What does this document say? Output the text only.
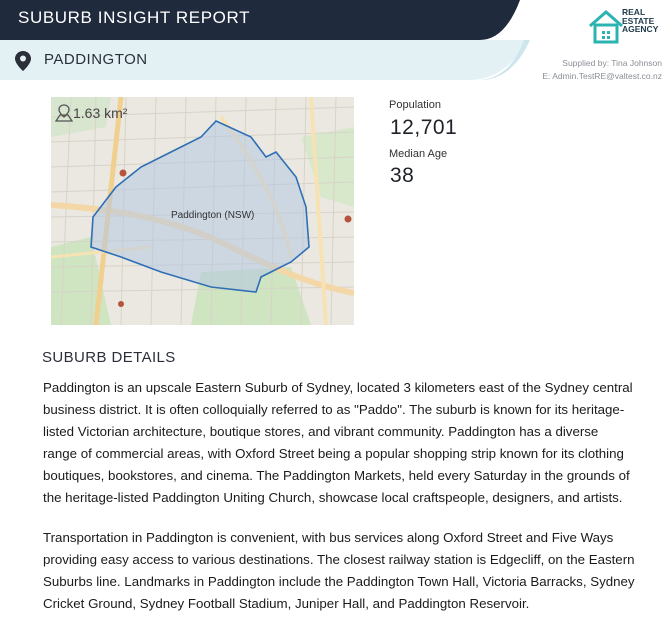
SUBURB INSIGHT REPORT
PADDINGTON
REAL
ESTATE
AGENCY
Supplied by: Tina Johnson
E: Admin.TestRE@valtest.co.nz
1.63 km²
Paddington (NSW)
Population
12,701
Median Age
38
SUBURB DETAILS
Paddington is an upscale Eastern Suburb of Sydney, located 3 kilometers east of the Sydney central
business district. It is often colloquially referred to as "Paddo". The suburb is known for its heritage-
listed Victorian architecture, boutique stores, and vibrant community. Paddington has a diverse
range of commercial areas, with Oxford Street being a popular shopping strip known for its clothing
boutiques, bookstores, and cinema. The Paddington Markets, held every Saturday in the grounds of
the heritage-listed Paddington Uniting Church, showcase local craftspeople, designers, and artists.
Transportation in Paddington is convenient, with bus services along Oxford Street and Five Ways
providing easy access to various destinations. The closest railway station is Edgecliff, on the Eastern
Suburbs line. Landmarks in Paddington include the Paddington Town Hall, Victoria Barracks, Sydney
Cricket Ground, Sydney Football Stadium, Juniper Hall, and Paddington Reservoir.
